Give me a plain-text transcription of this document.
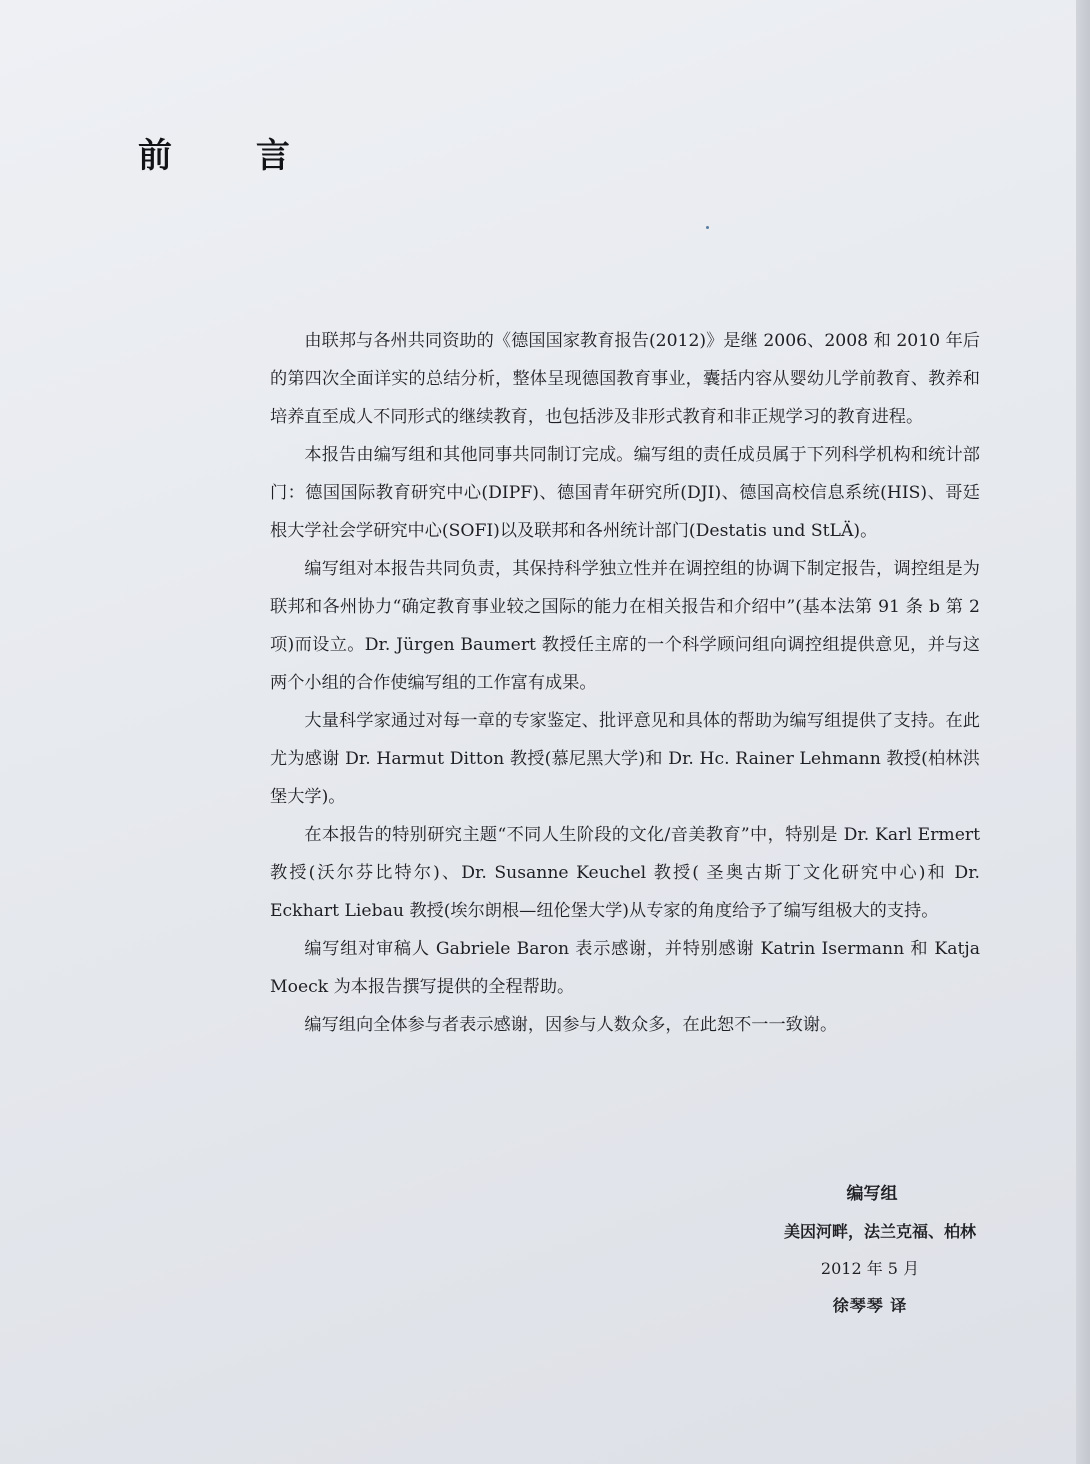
前 言

由联邦与各州共同资助的《德国国家教育报告(2012)》是继 2006、2008 和 2010 年后的第四次全面详实的总结分析，整体呈现德国教育事业，囊括内容从婴幼儿学前教育、教养和培养直至成人不同形式的继续教育，也包括涉及非形式教育和非正规学习的教育进程。

本报告由编写组和其他同事共同制订完成。编写组的责任成员属于下列科学机构和统计部门：德国国际教育研究中心(DIPF)、德国青年研究所(DJI)、德国高校信息系统(HIS)、哥廷根大学社会学研究中心(SOFI)以及联邦和各州统计部门(Destatis und StLÄ)。

编写组对本报告共同负责，其保持科学独立性并在调控组的协调下制定报告，调控组是为联邦和各州协力“确定教育事业较之国际的能力在相关报告和介绍中”(基本法第 91 条 b 第 2 项)而设立。Dr. Jürgen Baumert 教授任主席的一个科学顾问组向调控组提供意见，并与这两个小组的合作使编写组的工作富有成果。

大量科学家通过对每一章的专家鉴定、批评意见和具体的帮助为编写组提供了支持。在此尤为感谢 Dr. Harmut Ditton 教授(慕尼黑大学)和 Dr. Hc. Rainer Lehmann 教授(柏林洪堡大学)。

在本报告的特别研究主题“不同人生阶段的文化/音美教育”中，特别是 Dr. Karl Ermert 教授(沃尔芬比特尔)、Dr. Susanne Keuchel 教授( 圣奥古斯丁文化研究中心)和 Dr. Eckhart Liebau 教授(埃尔朗根—纽伦堡大学)从专家的角度给予了编写组极大的支持。

编写组对审稿人 Gabriele Baron 表示感谢，并特别感谢 Katrin Isermann 和 Katja Moeck 为本报告撰写提供的全程帮助。

编写组向全体参与者表示感谢，因参与人数众多，在此恕不一一致谢。

编写组
美因河畔，法兰克福、柏林
2012 年 5 月
徐琴琴 译
